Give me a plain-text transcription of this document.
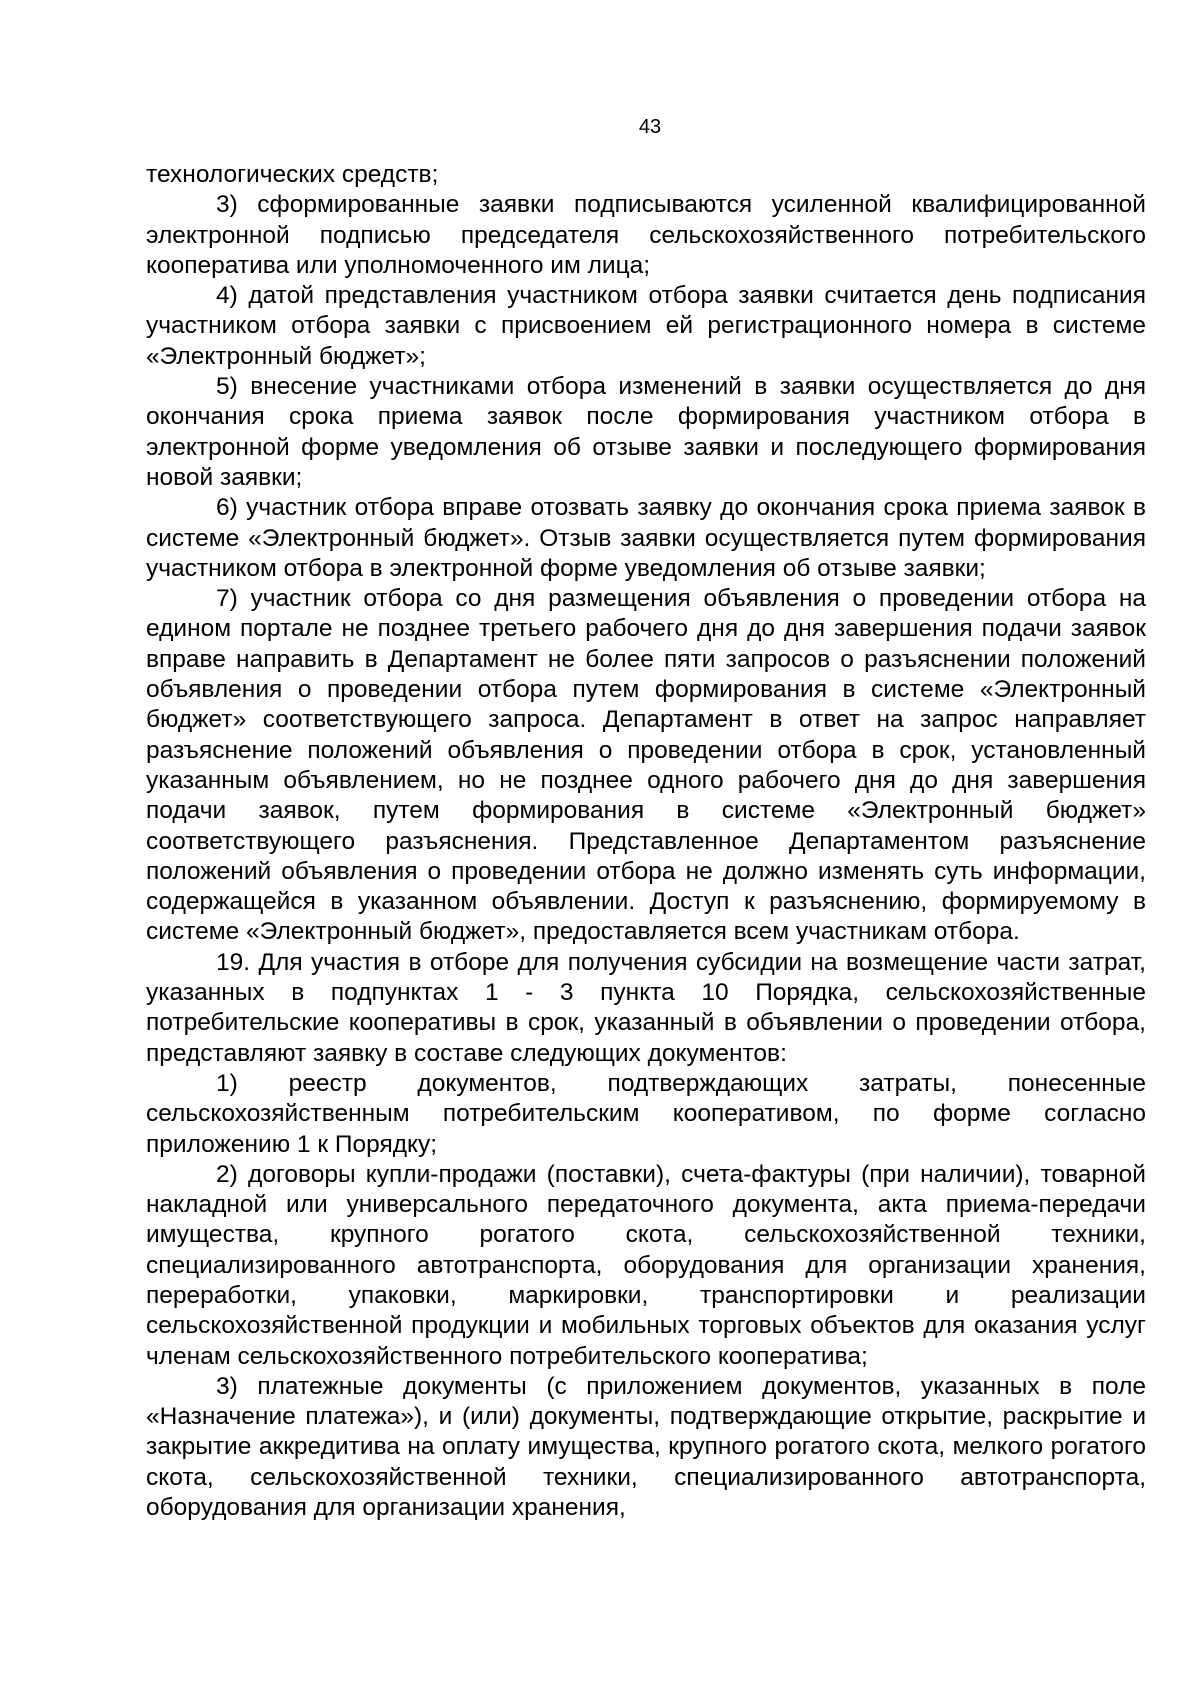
43

технологических средств;

3) сформированные заявки подписываются усиленной квалифицированной электронной подписью председателя сельскохозяйственного потребительского кооператива или уполномоченного им лица;

4) датой представления участником отбора заявки считается день подписания участником отбора заявки с присвоением ей регистрационного номера в системе «Электронный бюджет»;

5) внесение участниками отбора изменений в заявки осуществляется до дня окончания срока приема заявок после формирования участником отбора в электронной форме уведомления об отзыве заявки и последующего формирования новой заявки;

6) участник отбора вправе отозвать заявку до окончания срока приема заявок в системе «Электронный бюджет». Отзыв заявки осуществляется путем формирования участником отбора в электронной форме уведомления об отзыве заявки;

7) участник отбора со дня размещения объявления о проведении отбора на едином портале не позднее третьего рабочего дня до дня завершения подачи заявок вправе направить в Департамент не более пяти запросов о разъяснении положений объявления о проведении отбора путем формирования в системе «Электронный бюджет» соответствующего запроса. Департамент в ответ на запрос направляет разъяснение положений объявления о проведении отбора в срок, установленный указанным объявлением, но не позднее одного рабочего дня до дня завершения подачи заявок, путем формирования в системе «Электронный бюджет» соответствующего разъяснения. Представленное Департаментом разъяснение положений объявления о проведении отбора не должно изменять суть информации, содержащейся в указанном объявлении. Доступ к разъяснению, формируемому в системе «Электронный бюджет», предоставляется всем участникам отбора.

19. Для участия в отборе для получения субсидии на возмещение части затрат, указанных в подпунктах 1 - 3 пункта 10 Порядка, сельскохозяйственные потребительские кооперативы в срок, указанный в объявлении о проведении отбора, представляют заявку в составе следующих документов:

1) реестр документов, подтверждающих затраты, понесенные сельскохозяйственным потребительским кооперативом, по форме согласно приложению 1 к Порядку;

2) договоры купли-продажи (поставки), счета-фактуры (при наличии), товарной накладной или универсального передаточного документа, акта приема-передачи имущества, крупного рогатого скота, сельскохозяйственной техники, специализированного автотранспорта, оборудования для организации хранения, переработки, упаковки, маркировки, транспортировки и реализации сельскохозяйственной продукции и мобильных торговых объектов для оказания услуг членам сельскохозяйственного потребительского кооператива;

3) платежные документы (с приложением документов, указанных в поле «Назначение платежа»), и (или) документы, подтверждающие открытие, раскрытие и закрытие аккредитива на оплату имущества, крупного рогатого скота, мелкого рогатого скота, сельскохозяйственной техники, специализированного автотранспорта, оборудования для организации хранения,
